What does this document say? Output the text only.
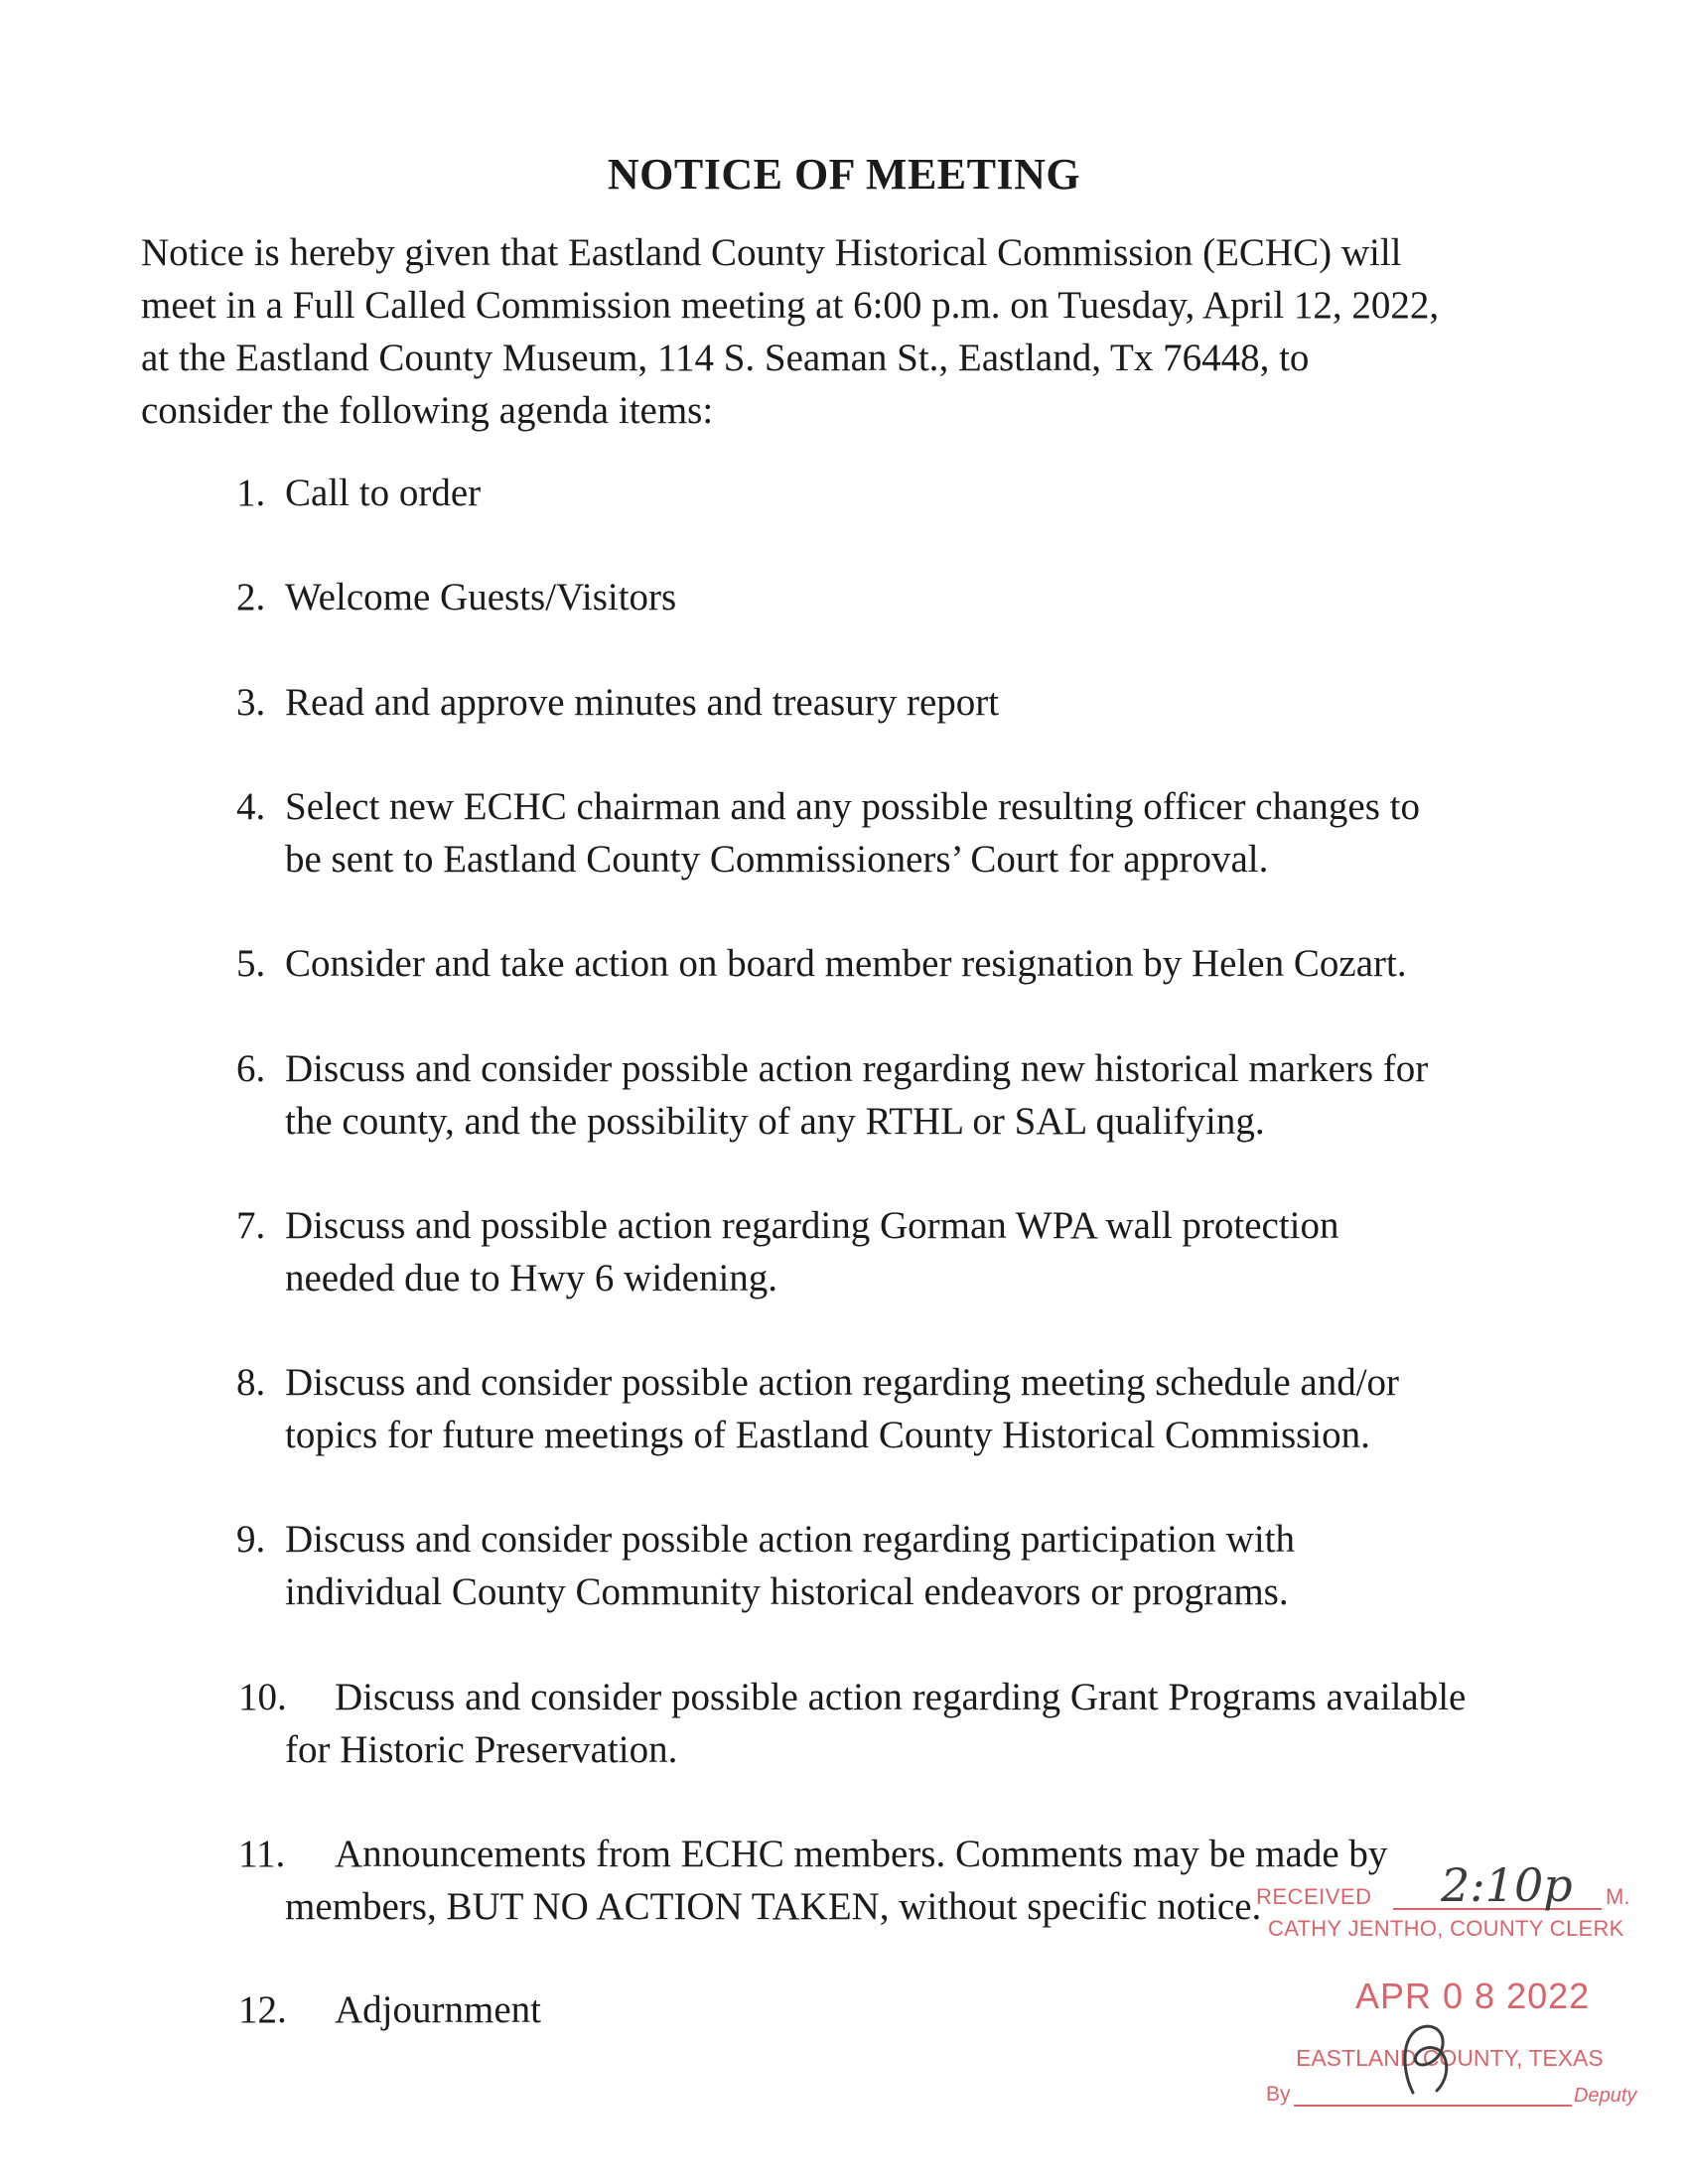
NOTICE OF MEETING
Notice is hereby given that Eastland County Historical Commission (ECHC) will
meet in a Full Called Commission meeting at 6:00 p.m. on Tuesday, April 12, 2022,
at the Eastland County Museum, 114 S. Seaman St., Eastland, Tx 76448, to
consider the following agenda items:
1. Call to order
2. Welcome Guests/Visitors
3. Read and approve minutes and treasury report
4. Select new ECHC chairman and any possible resulting officer changes to
be sent to Eastland County Commissioners’ Court for approval.
5. Consider and take action on board member resignation by Helen Cozart.
6. Discuss and consider possible action regarding new historical markers for
the county, and the possibility of any RTHL or SAL qualifying.
7. Discuss and possible action regarding Gorman WPA wall protection
needed due to Hwy 6 widening.
8. Discuss and consider possible action regarding meeting schedule and/or
topics for future meetings of Eastland County Historical Commission.
9. Discuss and consider possible action regarding participation with
individual County Community historical endeavors or programs.
10. Discuss and consider possible action regarding Grant Programs available
for Historic Preservation.
11. Announcements from ECHC members. Comments may be made by
members, BUT NO ACTION TAKEN, without specific notice.
12. Adjournment
RECEIVED 2:10p M.
CATHY JENTHO, COUNTY CLERK
APR 0 8 2022
EASTLAND COUNTY, TEXAS
By	Deputy
